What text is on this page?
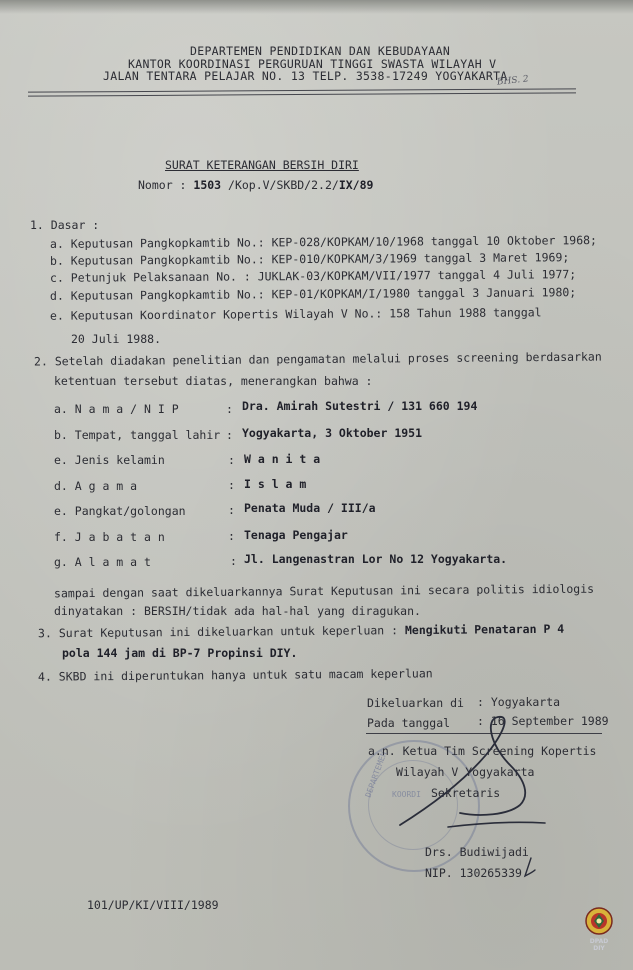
DEPARTEMEN PENDIDIKAN DAN KEBUDAYAAN
KANTOR KOORDINASI PERGURUAN TINGGI SWASTA WILAYAH V
JALAN TENTARA PELAJAR NO. 13 TELP. 3538-17249 YOGYAKARTA
BHS. 2
SURAT KETERANGAN BERSIH DIRI
Nomor : 1503 /Kop.V/SKBD/2.2/IX/89
1. Dasar :
a. Keputusan Pangkopkamtib No.: KEP-028/KOPKAM/10/1968 tanggal 10 Oktober 1968;
b. Keputusan Pangkopkamtib No.: KEP-010/KOPKAM/3/1969 tanggal 3 Maret 1969;
c. Petunjuk Pelaksanaan No. : JUKLAK-03/KOPKAM/VII/1977 tanggal 4 Juli 1977;
d. Keputusan Pangkopkamtib No.: KEP-01/KOPKAM/I/1980 tanggal 3 Januari 1980;
e. Keputusan Koordinator Kopertis Wilayah V No.: 158 Tahun 1988 tanggal
20 Juli 1988.
2. Setelah diadakan penelitian dan pengamatan melalui proses screening berdasarkan
ketentuan tersebut diatas, menerangkan bahwa :
a. N a m a / N I P	: Dra. Amirah Sutestri / 131 660 194
b. Tempat, tanggal lahir : Yogyakarta, 3 Oktober 1951
e. Jenis kelamin	: W a n i t a
d. A g a m a	: I s l a m
e. Pangkat/golongan	: Penata Muda / III/a
f. J a b a t a n	: Tenaga Pengajar
g. A l a m a t	: Jl. Langenastran Lor No 12 Yogyakarta.
sampai dengan saat dikeluarkannya Surat Keputusan ini secara politis idiologis
dinyatakan : BERSIH/tidak ada hal-hal yang diragukan.
3. Surat Keputusan ini dikeluarkan untuk keperluan : Mengikuti Penataran P 4
pola 144 jam di BP-7 Propinsi DIY.
4. SKBD ini diperuntukan hanya untuk satu macam keperluan
Dikeluarkan di : Yogyakarta
Pada tanggal : 16 September 1989
DEPARTEMEN KOORDI
a.n. Ketua Tim Screening Kopertis
Wilayah V Yogyakarta
Sekretaris
Drs. Budiwijadi
NIP. 130265339
101/UP/KI/VIII/1989
DPAD
DIY
